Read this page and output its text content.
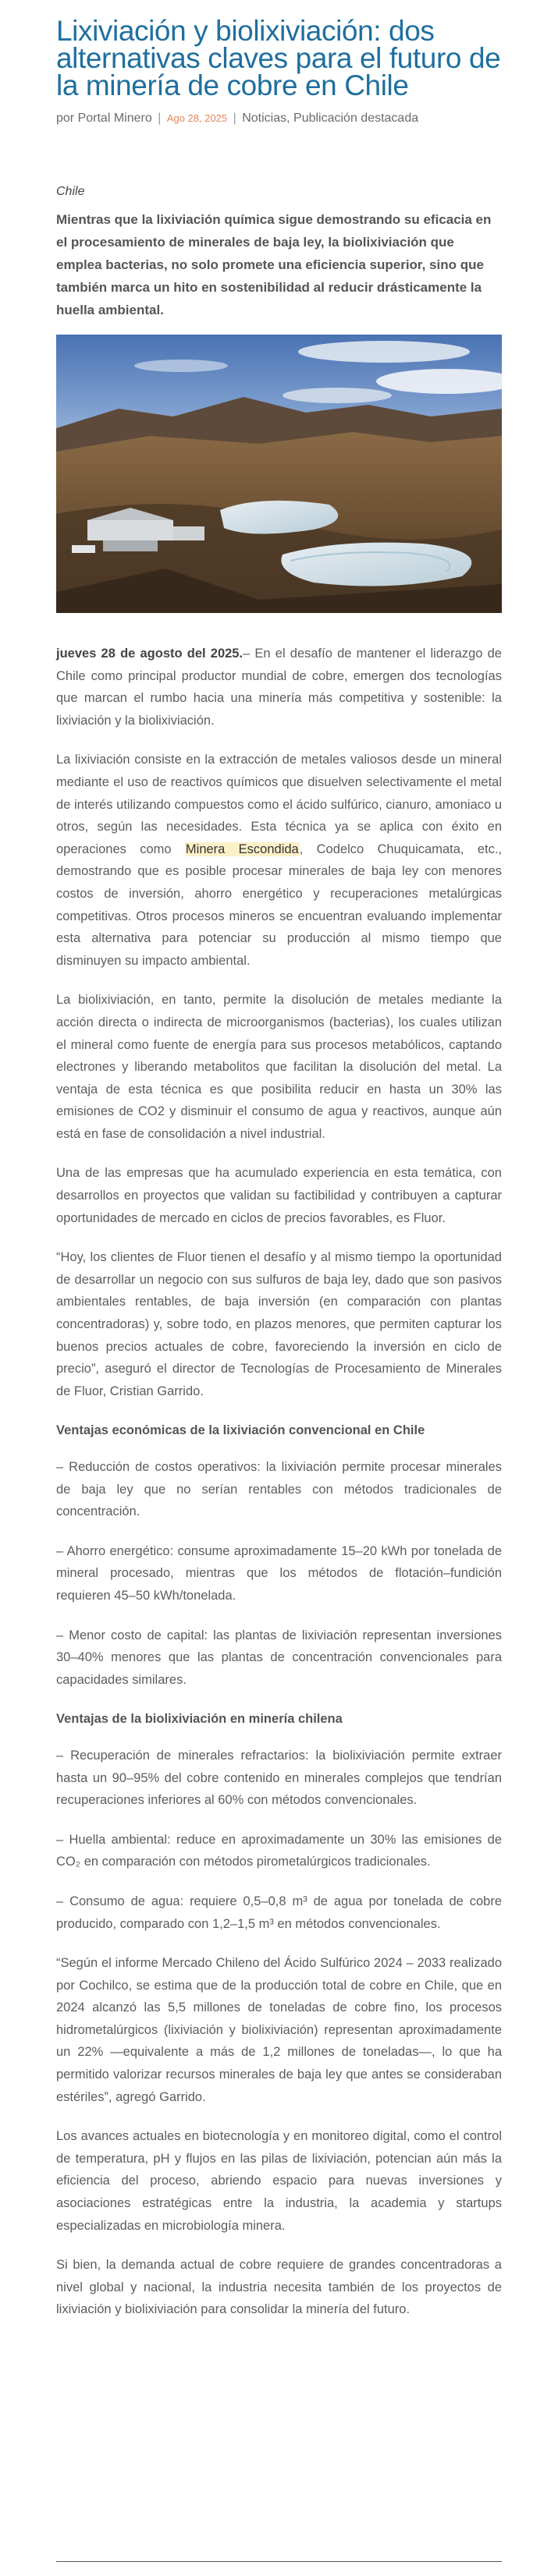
Lixiviación y biolixiviación: dos alternativas claves para el futuro de la minería de cobre en Chile
por Portal Minero | Ago 28, 2025 | Noticias, Publicación destacada
Chile
Mientras que la lixiviación química sigue demostrando su eficacia en el procesamiento de minerales de baja ley, la biolixiviación que emplea bacterias, no solo promete una eficiencia superior, sino que también marca un hito en sostenibilidad al reducir drásticamente la huella ambiental.

jueves 28 de agosto del 2025.– En el desafío de mantener el liderazgo de Chile como principal productor mundial de cobre, emergen dos tecnologías que marcan el rumbo hacia una minería más competitiva y sostenible: la lixiviación y la biolixiviación.

La lixiviación consiste en la extracción de metales valiosos desde un mineral mediante el uso de reactivos químicos que disuelven selectivamente el metal de interés utilizando compuestos como el ácido sulfúrico, cianuro, amoniaco u otros, según las necesidades. Esta técnica ya se aplica con éxito en operaciones como Minera Escondida, Codelco Chuquicamata, etc., demostrando que es posible procesar minerales de baja ley con menores costos de inversión, ahorro energético y recuperaciones metalúrgicas competitivas. Otros procesos mineros se encuentran evaluando implementar esta alternativa para potenciar su producción al mismo tiempo que disminuyen su impacto ambiental.

La biolixiviación, en tanto, permite la disolución de metales mediante la acción directa o indirecta de microorganismos (bacterias), los cuales utilizan el mineral como fuente de energía para sus procesos metabólicos, captando electrones y liberando metabolitos que facilitan la disolución del metal. La ventaja de esta técnica es que posibilita reducir en hasta un 30% las emisiones de CO2 y disminuir el consumo de agua y reactivos, aunque aún está en fase de consolidación a nivel industrial.

Una de las empresas que ha acumulado experiencia en esta temática, con desarrollos en proyectos que validan su factibilidad y contribuyen a capturar oportunidades de mercado en ciclos de precios favorables, es Fluor.

“Hoy, los clientes de Fluor tienen el desafío y al mismo tiempo la oportunidad de desarrollar un negocio con sus sulfuros de baja ley, dado que son pasivos ambientales rentables, de baja inversión (en comparación con plantas concentradoras) y, sobre todo, en plazos menores, que permiten capturar los buenos precios actuales de cobre, favoreciendo la inversión en ciclo de precio”, aseguró el director de Tecnologías de Procesamiento de Minerales de Fluor, Cristian Garrido.

Ventajas económicas de la lixiviación convencional en Chile

– Reducción de costos operativos: la lixiviación permite procesar minerales de baja ley que no serían rentables con métodos tradicionales de concentración.

– Ahorro energético: consume aproximadamente 15–20 kWh por tonelada de mineral procesado, mientras que los métodos de flotación–fundición requieren 45–50 kWh/tonelada.

– Menor costo de capital: las plantas de lixiviación representan inversiones 30–40% menores que las plantas de concentración convencionales para capacidades similares.

Ventajas de la biolixiviación en minería chilena

– Recuperación de minerales refractarios: la biolixiviación permite extraer hasta un 90–95% del cobre contenido en minerales complejos que tendrían recuperaciones inferiores al 60% con métodos convencionales.

– Huella ambiental: reduce en aproximadamente un 30% las emisiones de CO₂ en comparación con métodos pirometalúrgicos tradicionales.

– Consumo de agua: requiere 0,5–0,8 m³ de agua por tonelada de cobre producido, comparado con 1,2–1,5 m³ en métodos convencionales.

“Según el informe Mercado Chileno del Ácido Sulfúrico 2024 – 2033 realizado por Cochilco, se estima que de la producción total de cobre en Chile, que en 2024 alcanzó las 5,5 millones de toneladas de cobre fino, los procesos hidrometalúrgicos (lixiviación y biolixiviación) representan aproximadamente un 22% —equivalente a más de 1,2 millones de toneladas—, lo que ha permitido valorizar recursos minerales de baja ley que antes se consideraban estériles”, agregó Garrido.

Los avances actuales en biotecnología y en monitoreo digital, como el control de temperatura, pH y flujos en las pilas de lixiviación, potencian aún más la eficiencia del proceso, abriendo espacio para nuevas inversiones y asociaciones estratégicas entre la industria, la academia y startups especializadas en microbiología minera.

Si bien, la demanda actual de cobre requiere de grandes concentradoras a nivel global y nacional, la industria necesita también de los proyectos de lixiviación y biolixiviación para consolidar la minería del futuro.
